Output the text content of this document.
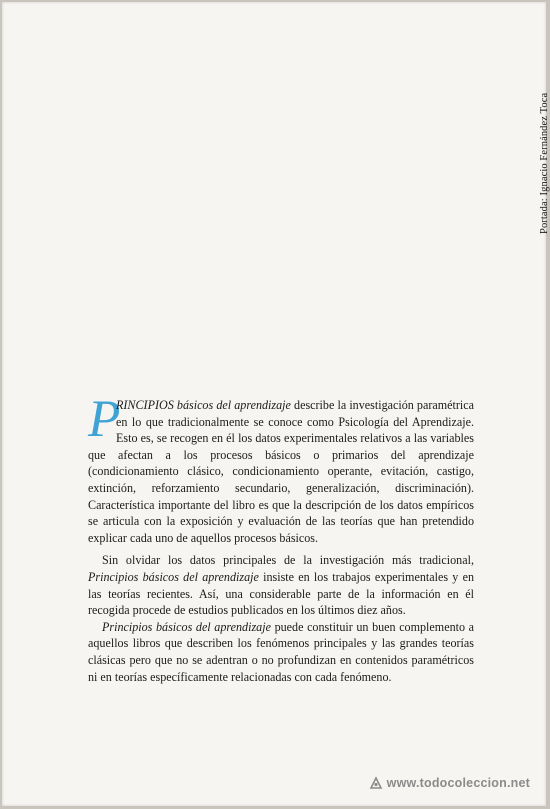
Portada: Ignacio Fernández Toca

P
RINCIPIOS básicos del aprendizaje describe la investigación paramétrica en lo que tradicionalmente se conoce como Psicología del Aprendizaje. Esto es, se recogen en él los datos experimentales relativos a las variables que afectan a los procesos básicos o primarios del aprendizaje (condicionamiento clásico, condicionamiento operante, evitación, castigo, extinción, reforzamiento secundario, generalización, discriminación). Característica importante del libro es que la descripción de los datos empíricos se articula con la exposición y evaluación de las teorías que han pretendido explicar cada uno de aquellos procesos básicos.

Sin olvidar los datos principales de la investigación más tradicional, Principios básicos del aprendizaje insiste en los trabajos experimentales y en las teorías recientes. Así, una considerable parte de la información en él recogida procede de estudios publicados en los últimos diez años.

Principios básicos del aprendizaje puede constituir un buen complemento a aquellos libros que describen los fenómenos principales y las grandes teorías clásicas pero que no se adentran o no profundizan en contenidos paramétricos ni en teorías específicamente relacionadas con cada fenómeno.

www.todocoleccion.net
